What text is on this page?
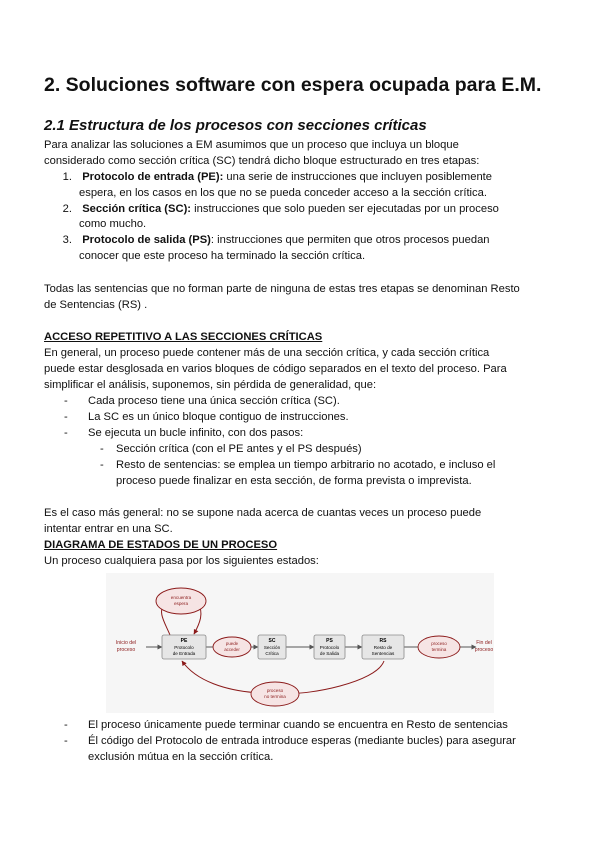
2. Soluciones software con espera ocupada para E.M.
2.1 Estructura de los procesos con secciones críticas
Para analizar las soluciones a EM asumimos que un proceso que incluya un bloque
considerado como sección crítica (SC) tendrá dicho bloque estructurado en tres etapas:
1. Protocolo de entrada (PE): una serie de instrucciones que incluyen posiblemente
espera, en los casos en los que no se pueda conceder acceso a la sección crítica.
2. Sección crítica (SC): instrucciones que solo pueden ser ejecutadas por un proceso
como mucho.
3. Protocolo de salida (PS): instrucciones que permiten que otros procesos puedan
conocer que este proceso ha terminado la sección crítica.
Todas las sentencias que no forman parte de ninguna de estas tres etapas se denominan Resto
de Sentencias (RS) .
ACCESO REPETITIVO A LAS SECCIONES CRÍTICAS
En general, un proceso puede contener más de una sección crítica, y cada sección crítica
puede estar desglosada en varios bloques de código separados en el texto del proceso. Para
simplificar el análisis, suponemos, sin pérdida de generalidad, que:
- Cada proceso tiene una única sección crítica (SC).
- La SC es un único bloque contiguo de instrucciones.
- Se ejecuta un bucle infinito, con dos pasos:
- Sección crítica (con el PE antes y el PS después)
- Resto de sentencias: se emplea un tiempo arbitrario no acotado, e incluso el
proceso puede finalizar en esta sección, de forma prevista o imprevista.
Es el caso más general: no se supone nada acerca de cuantas veces un proceso puede
intentar entrar en una SC.
DIAGRAMA DE ESTADOS DE UN PROCESO
Un proceso cualquiera pasa por los siguientes estados:
Inicio del
proceso
Fin del
proceso
PE
Protocolo
de Entrada
SC
Sección
Crítica
PS
Protocolo
de Salida
RS
Resto de
Sentencias
encuentra
espera
puede
acceder
proceso
termina
proceso
no termina
- El proceso únicamente puede terminar cuando se encuentra en Resto de sentencias
- Él código del Protocolo de entrada introduce esperas (mediante bucles) para asegurar
exclusión mútua en la sección crítica.
